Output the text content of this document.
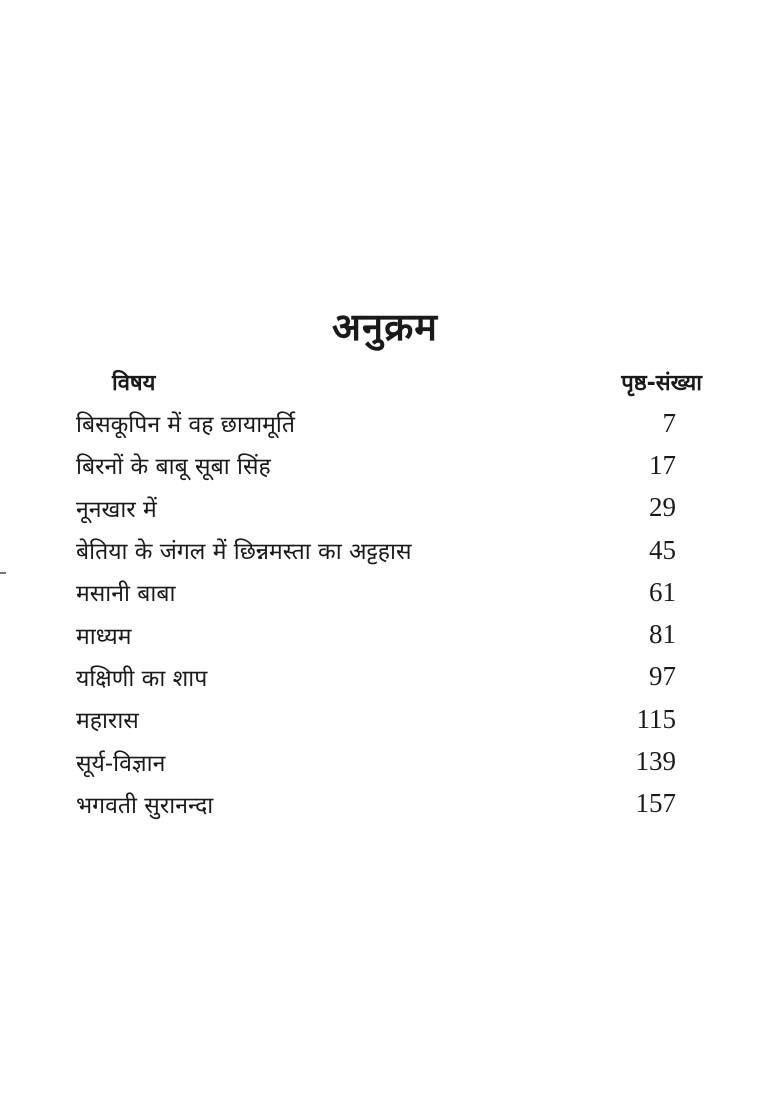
अनुक्रम
विषय	पृष्ठ-संख्या
बिसकूपिन में वह छायामूर्ति	7
बिरनों के बाबू सूबा सिंह	17
नूनखार में	29
बेतिया के जंगल में छिन्नमस्ता का अट्टहास	45
मसानी बाबा	61
माध्यम	81
यक्षिणी का शाप	97
महारास	115
सूर्य-विज्ञान	139
भगवती सुरानन्दा	157
